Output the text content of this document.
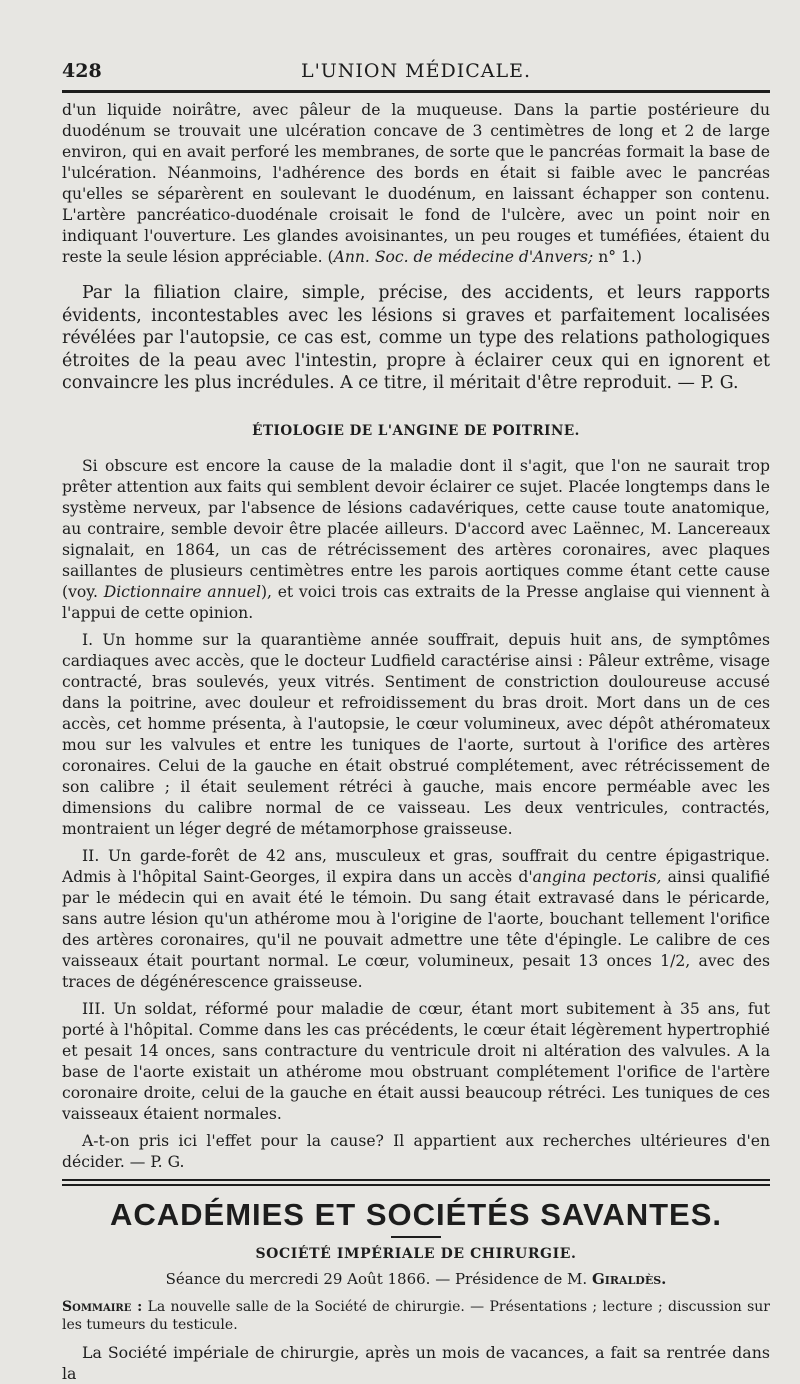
428	L'UNION MÉDICALE.

d'un liquide noirâtre, avec pâleur de la muqueuse. Dans la partie postérieure du duodénum se trouvait une ulcération concave de 3 centimètres de long et 2 de large environ, qui en avait perforé les membranes, de sorte que le pancréas formait la base de l'ulcération. Néanmoins, l'adhérence des bords en était si faible avec le pancréas qu'elles se séparèrent en soulevant le duodénum, en laissant échapper son contenu. L'artère pancréatico-duodénale croisait le fond de l'ulcère, avec un point noir en indiquant l'ouverture. Les glandes avoisinantes, un peu rouges et tuméfiées, étaient du reste la seule lésion appréciable. (Ann. Soc. de médecine d'Anvers; n° 1.)

Par la filiation claire, simple, précise, des accidents, et leurs rapports évidents, incontestables avec les lésions si graves et parfaitement localisées révélées par l'autopsie, ce cas est, comme un type des relations pathologiques étroites de la peau avec l'intestin, propre à éclairer ceux qui en ignorent et convaincre les plus incrédules. A ce titre, il méritait d'être reproduit. — P. G.

ÉTIOLOGIE DE L'ANGINE DE POITRINE.

Si obscure est encore la cause de la maladie dont il s'agit, que l'on ne saurait trop prêter attention aux faits qui semblent devoir éclairer ce sujet. Placée longtemps dans le système nerveux, par l'absence de lésions cadavériques, cette cause toute anatomique, au contraire, semble devoir être placée ailleurs. D'accord avec Laënnec, M. Lancereaux signalait, en 1864, un cas de rétrécissement des artères coronaires, avec plaques saillantes de plusieurs centimètres entre les parois aortiques comme étant cette cause (voy. Dictionnaire annuel), et voici trois cas extraits de la Presse anglaise qui viennent à l'appui de cette opinion.

I. Un homme sur la quarantième année souffrait, depuis huit ans, de symptômes cardiaques avec accès, que le docteur Ludfield caractérise ainsi : Pâleur extrême, visage contracté, bras soulevés, yeux vitrés. Sentiment de constriction douloureuse accusé dans la poitrine, avec douleur et refroidissement du bras droit. Mort dans un de ces accès, cet homme présenta, à l'autopsie, le cœur volumineux, avec dépôt athéromateux mou sur les valvules et entre les tuniques de l'aorte, surtout à l'orifice des artères coronaires. Celui de la gauche en était obstrué complétement, avec rétrécissement de son calibre ; il était seulement rétréci à gauche, mais encore perméable avec les dimensions du calibre normal de ce vaisseau. Les deux ventricules, contractés, montraient un léger degré de métamorphose graisseuse.

II. Un garde-forêt de 42 ans, musculeux et gras, souffrait du centre épigastrique. Admis à l'hôpital Saint-Georges, il expira dans un accès d'angina pectoris, ainsi qualifié par le médecin qui en avait été le témoin. Du sang était extravasé dans le péricarde, sans autre lésion qu'un athérome mou à l'origine de l'aorte, bouchant tellement l'orifice des artères coronaires, qu'il ne pouvait admettre une tête d'épingle. Le calibre de ces vaisseaux était pourtant normal. Le cœur, volumineux, pesait 13 onces 1/2, avec des traces de dégénérescence graisseuse.

III. Un soldat, réformé pour maladie de cœur, étant mort subitement à 35 ans, fut porté à l'hôpital. Comme dans les cas précédents, le cœur était légèrement hypertrophié et pesait 14 onces, sans contracture du ventricule droit ni altération des valvules. A la base de l'aorte existait un athérome mou obstruant complétement l'orifice de l'artère coronaire droite, celui de la gauche en était aussi beaucoup rétréci. Les tuniques de ces vaisseaux étaient normales.

A-t-on pris ici l'effet pour la cause? Il appartient aux recherches ultérieures d'en décider. — P. G.

ACADÉMIES ET SOCIÉTÉS SAVANTES.
SOCIÉTÉ IMPÉRIALE DE CHIRURGIE.

Séance du mercredi 29 Août 1866. — Présidence de M. Giraldès.

Sommaire : La nouvelle salle de la Société de chirurgie. — Présentations ; lecture ; discussion sur les tumeurs du testicule.

La Société impériale de chirurgie, après un mois de vacances, a fait sa rentrée dans la
